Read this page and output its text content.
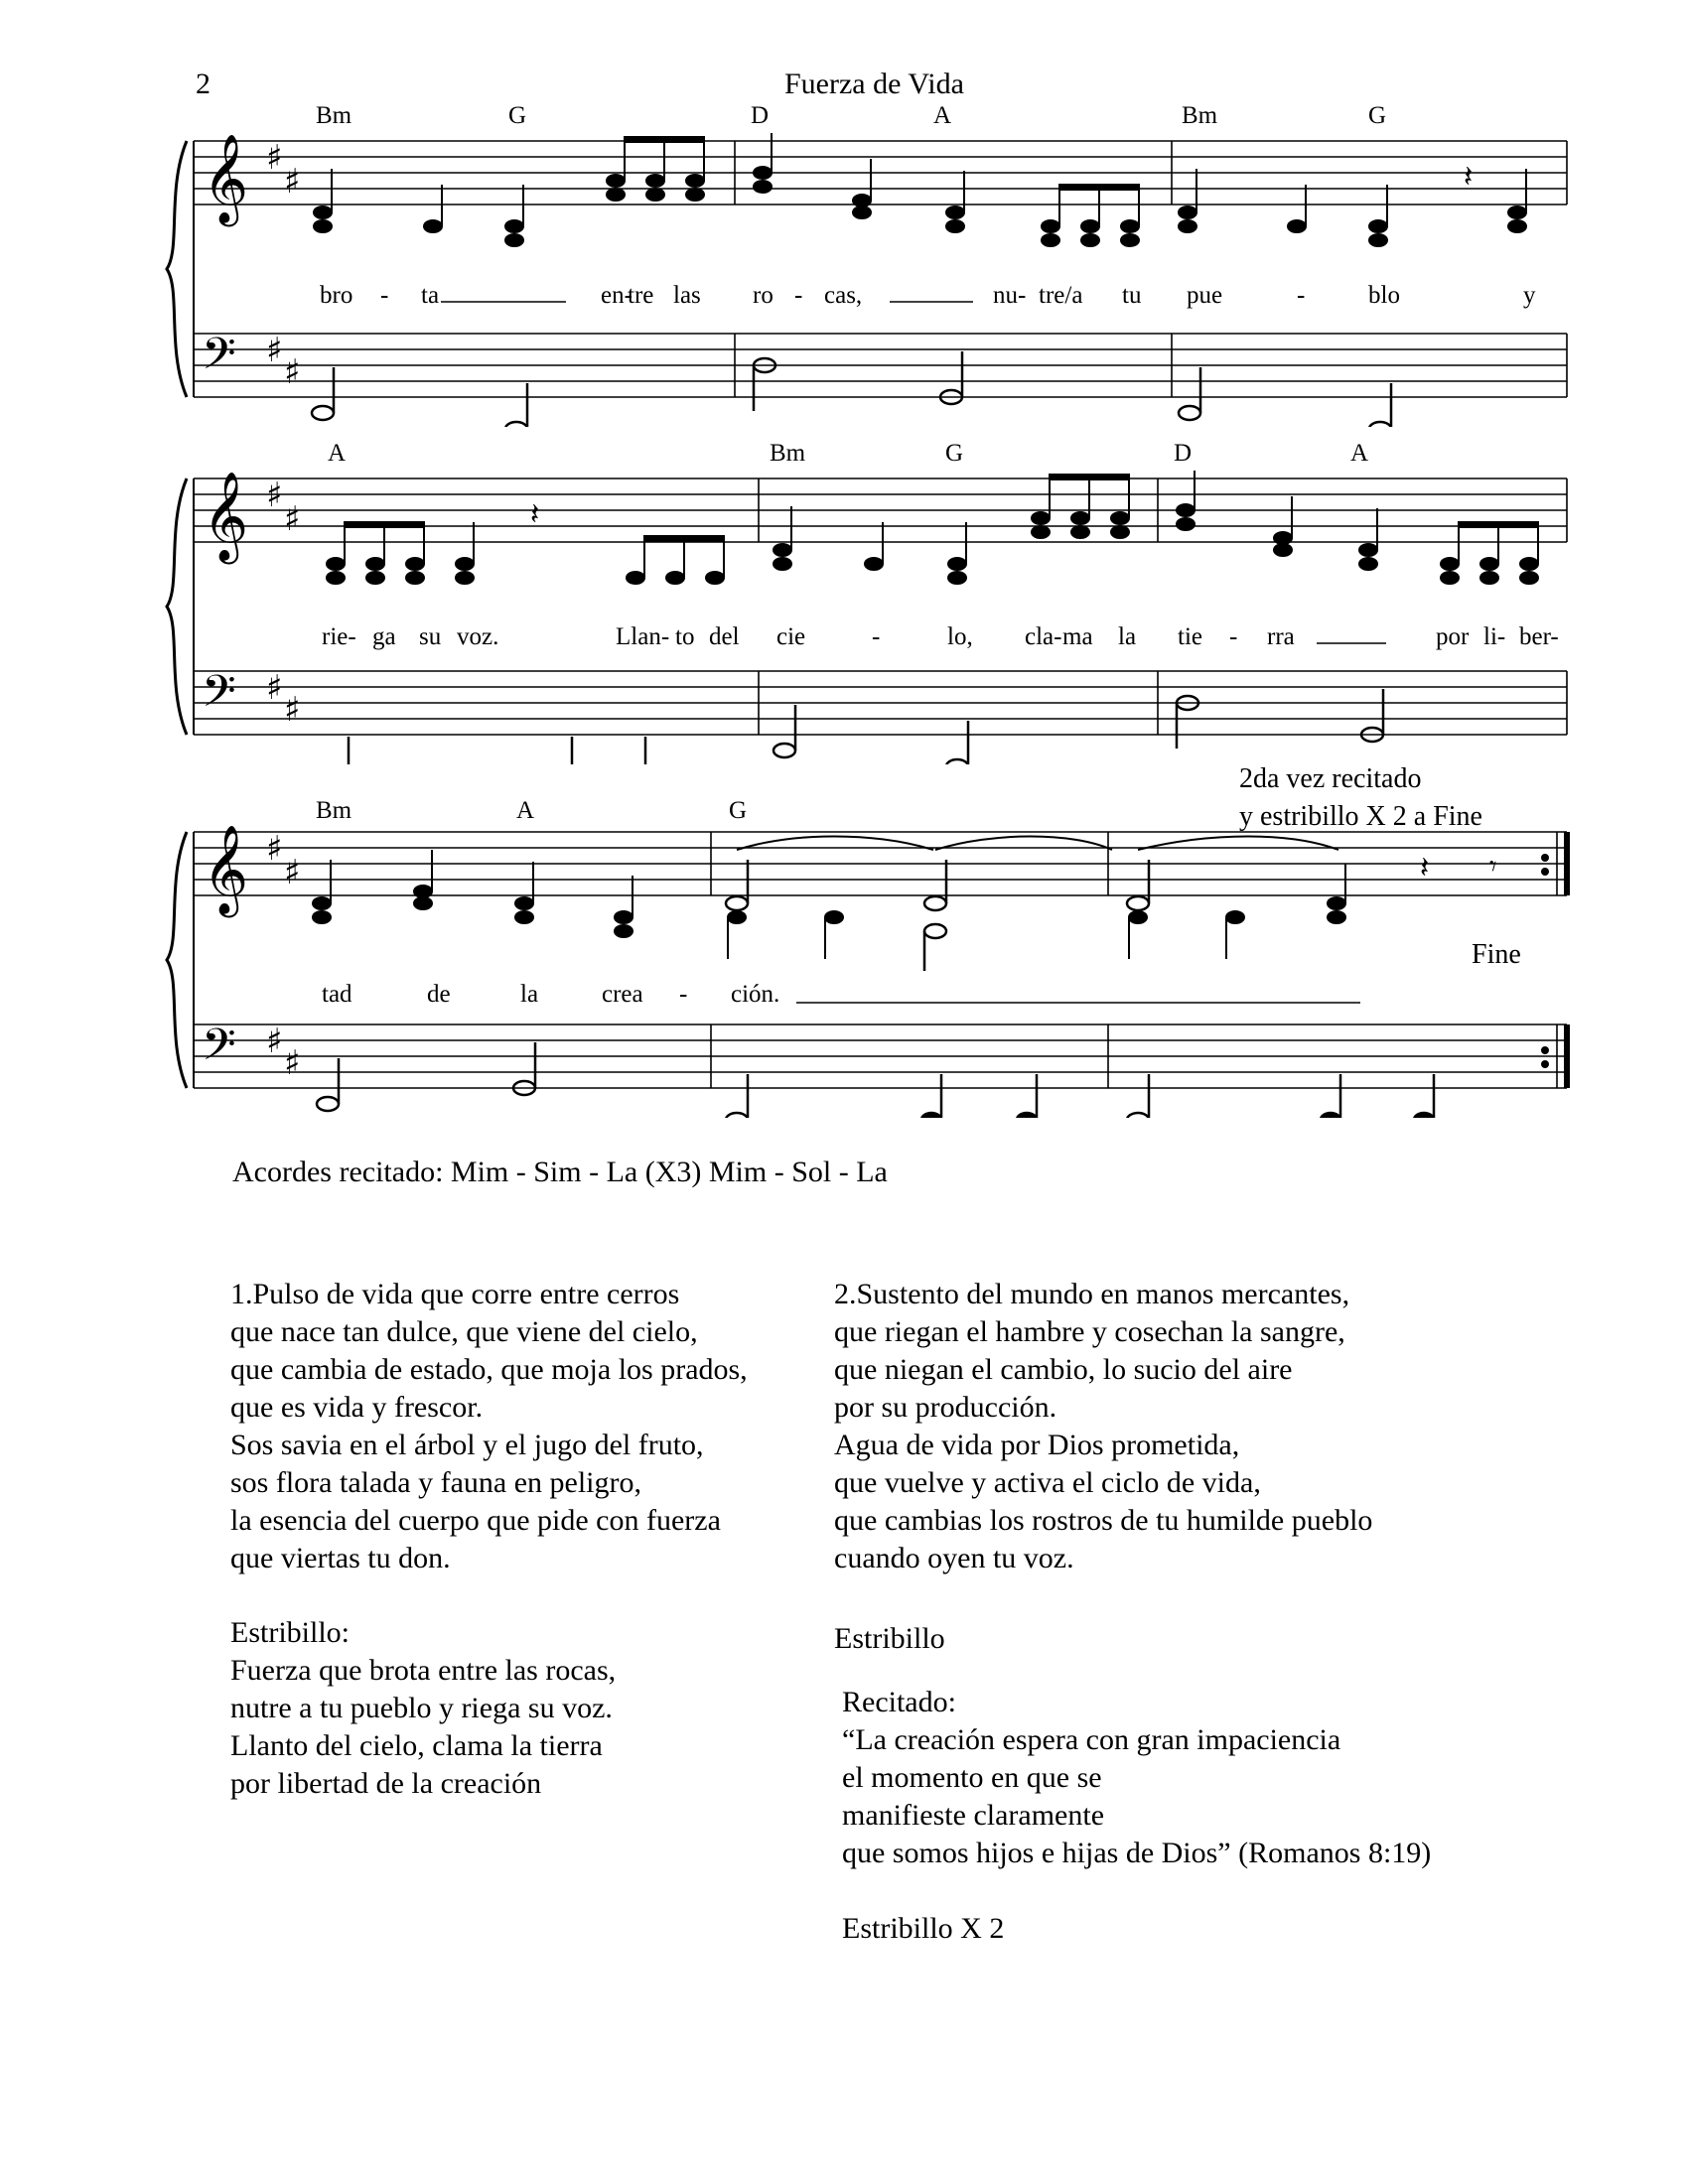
2	Fuerza de Vida
Bm	G	D	A	Bm	G
𝄞
𝄢
♯
♯
♯
♯
𝄽
bro - ta	en-
tre las ro - cas,	nu- tre/a tu pue	-	blo	y
A	Bm	G	D	A
𝄞
𝄢
♯
♯
♯
♯
𝄽
rie- ga su voz.	Llan- to del cie	-	lo, cla- ma la tie - rra	por li- ber-
2da vez recitado
y estribillo X 2 a Fine
Bm	A	G
𝄞
𝄢
♯
♯
♯
♯
𝄽 𝄾
Fine
tad	de	la	crea - ción.
Acordes recitado: Mim - Sim - La (X3) Mim - Sol - La
1.Pulso de vida que corre entre cerros
que nace tan dulce, que viene del cielo,
que cambia de estado, que moja los prados,
que es vida y frescor.
Sos savia en el árbol y el jugo del fruto,
sos flora talada y fauna en peligro,
la esencia del cuerpo que pide con fuerza
que viertas tu don.
Estribillo:
Fuerza que brota entre las rocas,
nutre a tu pueblo y riega su voz.
Llanto del cielo, clama la tierra
por libertad de la creación
2.Sustento del mundo en manos mercantes,
que riegan el hambre y cosechan la sangre,
que niegan el cambio, lo sucio del aire
por su producción.
Agua de vida por Dios prometida,
que vuelve y activa el ciclo de vida,
que cambias los rostros de tu humilde pueblo
cuando oyen tu voz.
Estribillo
Recitado:
“La creación espera con gran impaciencia
el momento en que se
manifieste claramente
que somos hijos e hijas de Dios” (Romanos 8:19)
Estribillo X 2
